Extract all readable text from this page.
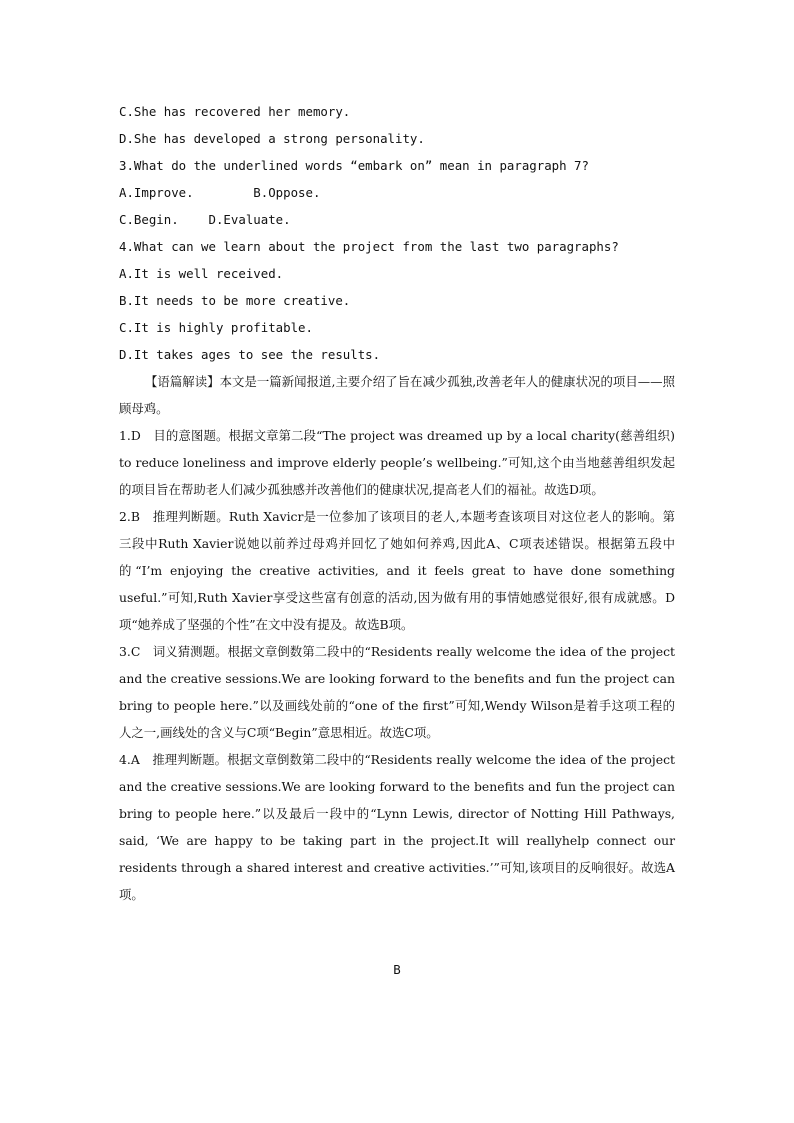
C.She has recovered her memory.
D.She has developed a strong personality.
3.What do the underlined words “embark on” mean in paragraph 7?
A.Improve.        B.Oppose.
C.Begin.    D.Evaluate.
4.What can we learn about the project from the last two paragraphs?
A.It is well received.
B.It needs to be more creative.
C.It is highly profitable.
D.It takes ages to see the results.

【语篇解读】本文是一篇新闻报道,主要介绍了旨在减少孤独,改善老年人的健康状况的项目——照顾母鸡。

1.D　目的意图题。根据文章第二段“The project was dreamed up by a local charity(慈善组织) to reduce loneliness and improve elderly people’s wellbeing.”可知,这个由当地慈善组织发起的项目旨在帮助老人们减少孤独感并改善他们的健康状况,提高老人们的福祉。故选D项。

2.B　推理判断题。Ruth Xavicr是一位参加了该项目的老人,本题考查该项目对这位老人的影响。第三段中Ruth Xavier说她以前养过母鸡并回忆了她如何养鸡,因此A、C项表述错误。根据第五段中的“I’m enjoying the creative activities, and it feels great to have done something useful.”可知,Ruth Xavier享受这些富有创意的活动,因为做有用的事情她感觉很好,很有成就感。D项“她养成了坚强的个性”在文中没有提及。故选B项。

3.C　词义猜测题。根据文章倒数第二段中的“Residents really welcome the idea of the project and the creative sessions.We are looking forward to the benefits and fun the project can bring to people here.”以及画线处前的“one of the first”可知,Wendy Wilson是着手这项工程的人之一,画线处的含义与C项“Begin”意思相近。故选C项。

4.A　推理判断题。根据文章倒数第二段中的“Residents really welcome the idea of the project and the creative sessions.We are looking forward to the benefits and fun the project can bring to people here.”以及最后一段中的“Lynn Lewis, director of Notting Hill Pathways, said, ‘We are happy to be taking part in the project.It will reallyhelp connect our residents through a shared interest and creative activities.’”可知,该项目的反响很好。故选A项。

B
